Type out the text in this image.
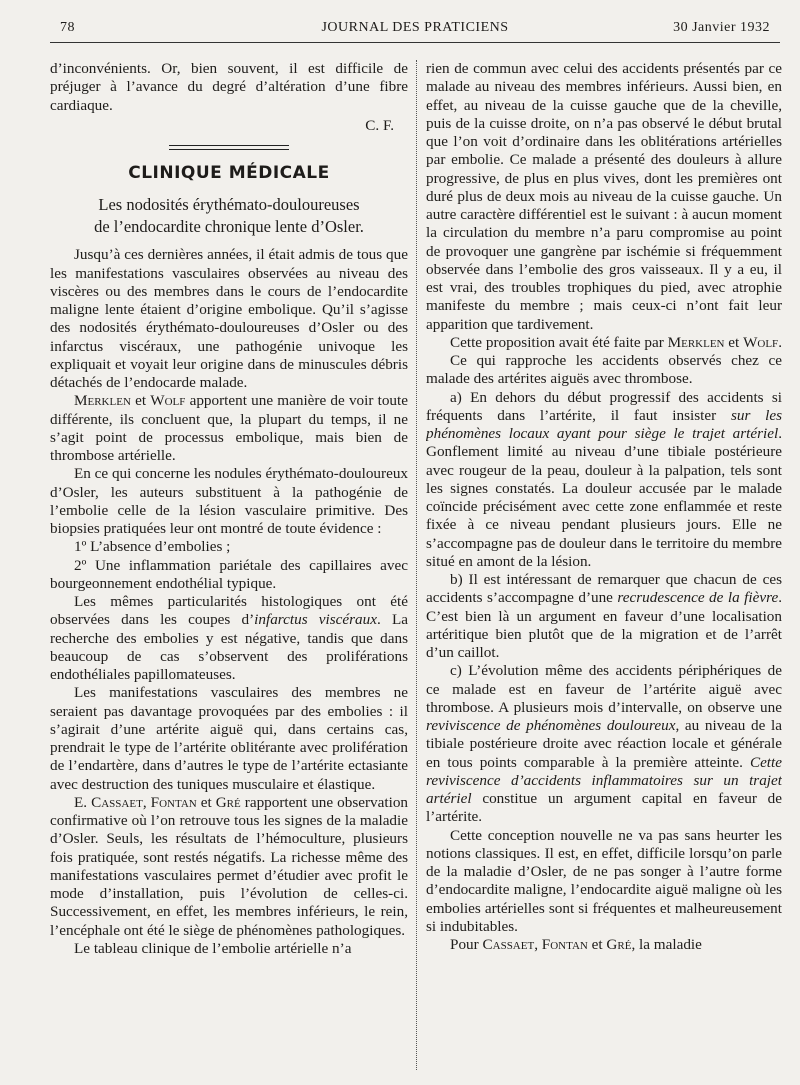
78	JOURNAL DES PRATICIENS	30 Janvier 1932

d’inconvénients. Or, bien souvent, il est difficile de préjuger à l’avance du degré d’altération d’une fibre cardiaque.

C. F.
CLINIQUE MÉDICALE
Les nodosités érythémato-douloureuses
de l’endocardite chronique lente d’Osler.

Jusqu’à ces dernières années, il était admis de tous que les manifestations vasculaires observées au niveau des viscères ou des membres dans le cours de l’endocardite maligne lente étaient d’origine embolique. Qu’il s’agisse des nodosités érythémato-douloureuses d’Osler ou des infarctus viscéraux, une pathogénie univoque les expliquait et voyait leur origine dans de minuscules débris détachés de l’endocarde malade.

Merklen et Wolf apportent une manière de voir toute différente, ils concluent que, la plupart du temps, il ne s’agit point de processus embolique, mais bien de thrombose artérielle.

En ce qui concerne les nodules érythémato-douloureux d’Osler, les auteurs substituent à la pathogénie de l’embolie celle de la lésion vasculaire primitive. Des biopsies pratiquées leur ont montré de toute évidence :

1º L’absence d’embolies ;

2º Une inflammation pariétale des capillaires avec bourgeonnement endothélial typique.

Les mêmes particularités histologiques ont été observées dans les coupes d’infarctus viscéraux. La recherche des embolies y est négative, tandis que dans beaucoup de cas s’observent des proliférations endothéliales papillomateuses.

Les manifestations vasculaires des membres ne seraient pas davantage provoquées par des embolies : il s’agirait d’une artérite aiguë qui, dans certains cas, prendrait le type de l’artérite oblitérante avec prolifération de l’endartère, dans d’autres le type de l’artérite ectasiante avec destruction des tuniques musculaire et élastique.

E. Cassaet, Fontan et Gré rapportent une observation confirmative où l’on retrouve tous les signes de la maladie d’Osler. Seuls, les résultats de l’hémoculture, plusieurs fois pratiquée, sont restés négatifs. La richesse même des manifestations vasculaires permet d’étudier avec profit le mode d’installation, puis l’évolution de celles-ci. Successivement, en effet, les membres inférieurs, le rein, l’encéphale ont été le siège de phénomènes pathologiques.

Le tableau clinique de l’embolie artérielle n’a

rien de commun avec celui des accidents présentés par ce malade au niveau des membres inférieurs. Aussi bien, en effet, au niveau de la cuisse gauche que de la cheville, puis de la cuisse droite, on n’a pas observé le début brutal que l’on voit d’ordinaire dans les oblitérations artérielles par embolie. Ce malade a présenté des douleurs à allure progressive, de plus en plus vives, dont les premières ont duré plus de deux mois au niveau de la cuisse gauche. Un autre caractère différentiel est le suivant : à aucun moment la circulation du membre n’a paru compromise au point de provoquer une gangrène par ischémie si fréquemment observée dans l’embolie des gros vaisseaux. Il y a eu, il est vrai, des troubles trophiques du pied, avec atrophie manifeste du membre ; mais ceux-ci n’ont fait leur apparition que tardivement.

Cette proposition avait été faite par Merklen et Wolf.

Ce qui rapproche les accidents observés chez ce malade des artérites aiguës avec thrombose.

a) En dehors du début progressif des accidents si fréquents dans l’artérite, il faut insister sur les phénomènes locaux ayant pour siège le trajet artériel. Gonflement limité au niveau d’une tibiale postérieure avec rougeur de la peau, douleur à la palpation, tels sont les signes constatés. La douleur accusée par le malade coïncide précisément avec cette zone enflammée et reste fixée à ce niveau pendant plusieurs jours. Elle ne s’accompagne pas de douleur dans le territoire du membre situé en amont de la lésion.

b) Il est intéressant de remarquer que chacun de ces accidents s’accompagne d’une recrudescence de la fièvre. C’est bien là un argument en faveur d’une localisation artéritique bien plutôt que de la migration et de l’arrêt d’un caillot.

c) L’évolution même des accidents périphériques de ce malade est en faveur de l’artérite aiguë avec thrombose. A plusieurs mois d’intervalle, on observe une reviviscence de phénomènes douloureux, au niveau de la tibiale postérieure droite avec réaction locale et générale en tous points comparable à la première atteinte. Cette reviviscence d’accidents inflammatoires sur un trajet artériel constitue un argument capital en faveur de l’artérite.

Cette conception nouvelle ne va pas sans heurter les notions classiques. Il est, en effet, difficile lorsqu’on parle de la maladie d’Osler, de ne pas songer à l’autre forme d’endocardite maligne, l’endocardite aiguë maligne où les embolies artérielles sont si fréquentes et malheureusement si indubitables.

Pour Cassaet, Fontan et Gré, la maladie
